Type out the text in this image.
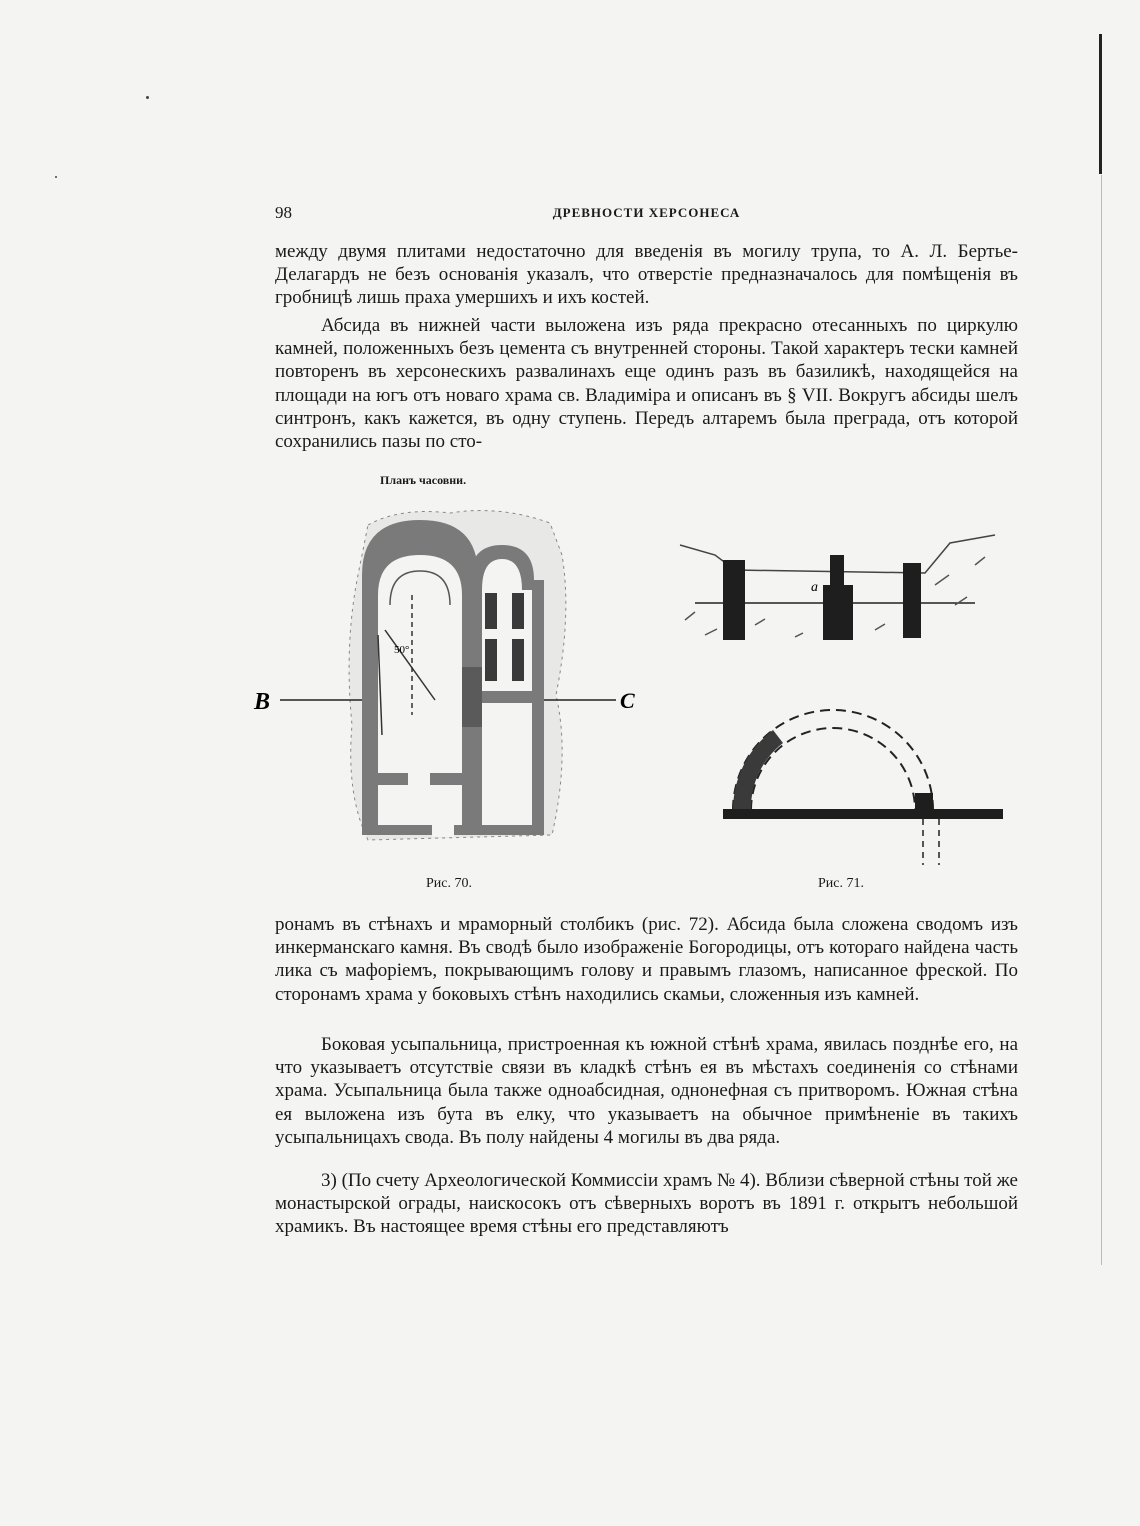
98	ДРЕВНОСТИ ХЕРСОНЕСА

между двумя плитами недостаточно для введенія въ могилу трупа, то А. Л. Бертье-Делагардъ не безъ основанія указалъ, что отверстіе предназначалось для помѣщенія въ гробницѣ лишь праха умершихъ и ихъ костей.

Абсида въ нижней части выложена изъ ряда прекрасно отесанныхъ по циркулю камней, положенныхъ безъ цемента съ внутренней стороны. Такой характеръ тески камней повторенъ въ херсонескихъ развалинахъ еще одинъ разъ въ базиликѣ, находящейся на площади на югъ отъ новаго храма св. Владиміра и описанъ въ § VII. Вокругъ абсиды шелъ синтронъ, какъ кажется, въ одну ступень. Передъ алтаремъ была преграда, отъ которой сохранились пазы по сто-

Планъ часовни.
50°
B	C
a
Рис. 70.	Рис. 71.

ронамъ въ стѣнахъ и мраморный столбикъ (рис. 72). Абсида была сложена сводомъ изъ инкерманскаго камня. Въ сводѣ было изображеніе Богородицы, отъ котораго найдена часть лика съ мафоріемъ, покрывающимъ голову и правымъ глазомъ, написанное фреской. По сторонамъ храма у боковыхъ стѣнъ находились скамьи, сложенныя изъ камней.

Боковая усыпальница, пристроенная къ южной стѣнѣ храма, явилась позднѣе его, на что указываетъ отсутствіе связи въ кладкѣ стѣнъ ея въ мѣстахъ соединенія со стѣнами храма. Усыпальница была также одноабсидная, однонефная съ притворомъ. Южная стѣна ея выложена изъ бута въ елку, что указываетъ на обычное примѣненіе въ такихъ усыпальницахъ свода. Въ полу найдены 4 могилы въ два ряда.

3) (По счету Археологической Коммиссіи храмъ № 4). Вблизи сѣверной стѣны той же монастырской ограды, наискосокъ отъ сѣверныхъ воротъ въ 1891 г. открытъ небольшой храмикъ. Въ настоящее время стѣны его представляютъ
